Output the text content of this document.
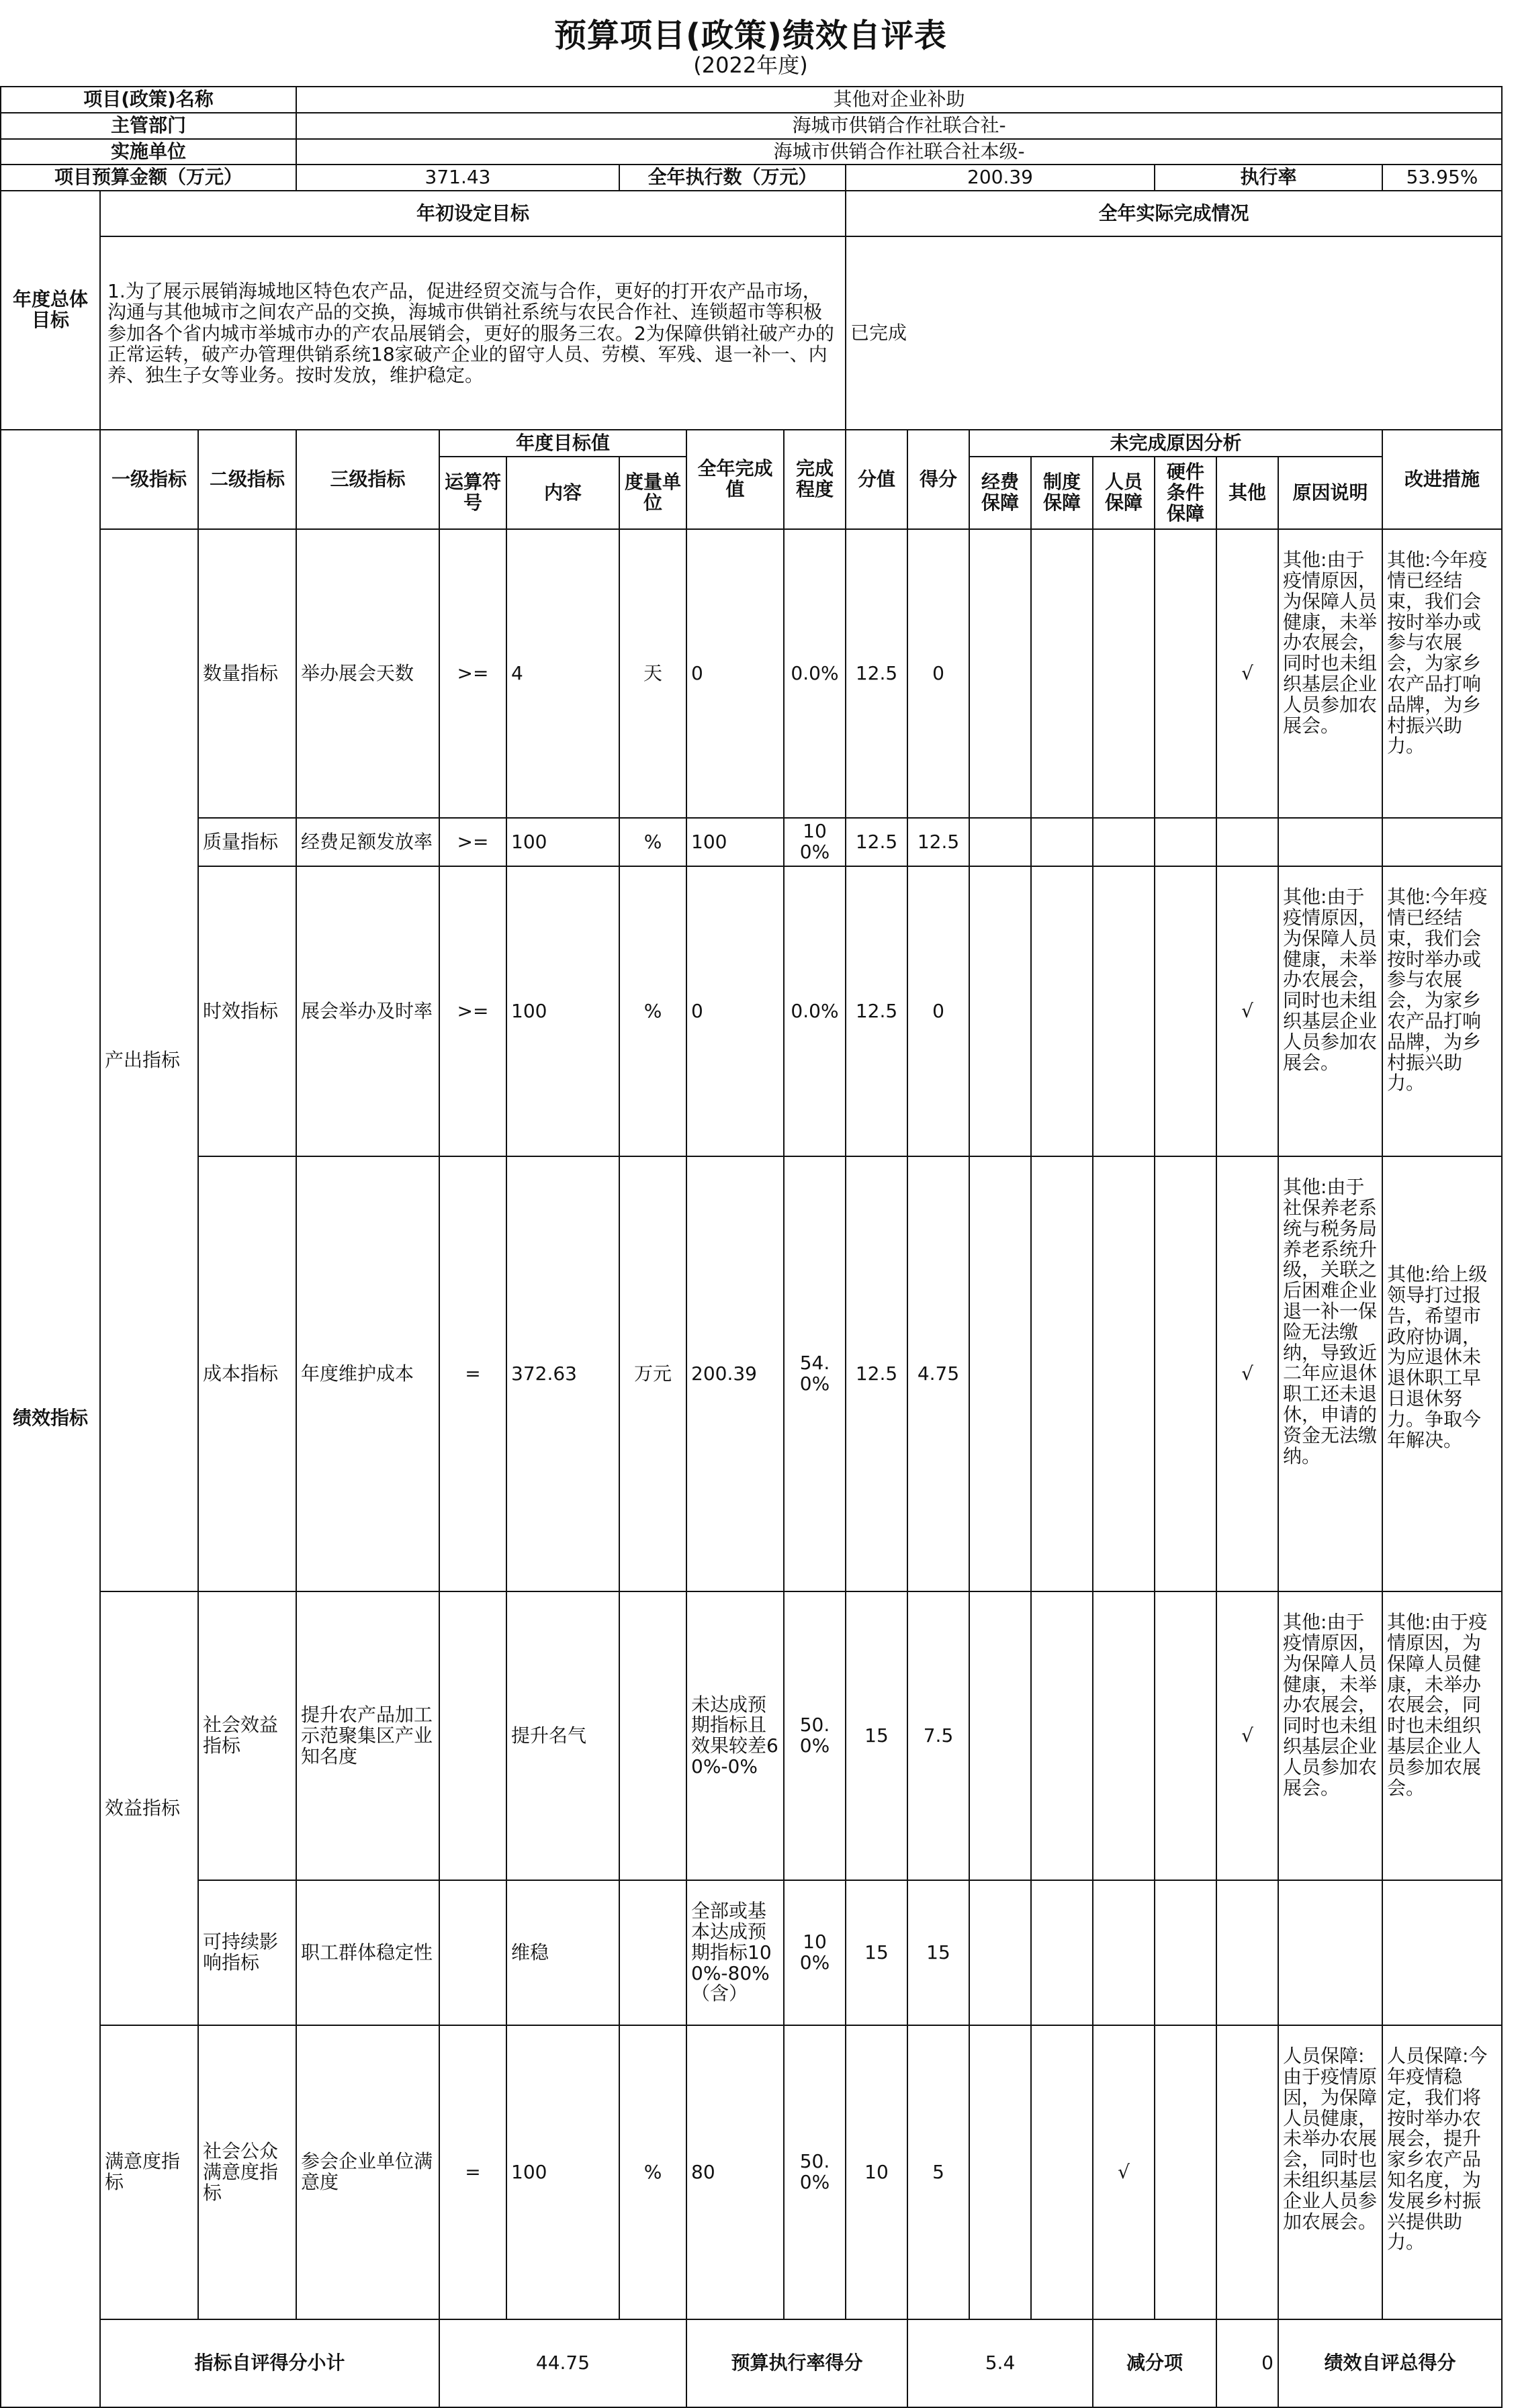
预算项目(政策)绩效自评表
(2022年度)
项目(政策)名称			其他对企业补助															
主管部门			海城市供销合作社联合社-															
实施单位			海城市供销合作社联合社本级-															
项目预算金额（万元）			371.43			全年执行数（万元）			200.39					执行率			53.95%	
年度总体目标	年初设定目标								全年实际完成情况									
	1.为了展示展销海城地区特色农产品，促进经贸交流与合作，更好的打开农产品市场，沟通与其他城市之间农产品的交换，海城市供销社系统与农民合作社、连锁超市等积极参加各个省内城市举城市办的产农品展销会，更好的服务三农。2为保障供销社破产办的正常运转，破产办管理供销系统18家破产企业的留守人员、劳模、军残、退一补一、内养、独生子女等业务。按时发放，维护稳定。								已完成									
绩效指标	一级指标	二级指标	三级指标	年度目标值			全年完成值	完成程度	分值	得分	未完成原因分析						改进措施	
				运算符号	内容	度量单位					经费保障	制度保障	人员保障	硬件条件保障	其他	原因说明		
	产出指标	数量指标	举办展会天数	>=	4	天	0	0.0%	12.5	0					√	其他:由于疫情原因，为保障人员健康，未举办农展会，同时也未组织基层企业人员参加农展会。	其他:今年疫情已经结束，我们会按时举办或参与农展会，为家乡农产品打响品牌，为乡村振兴助力。	
		质量指标	经费足额发放率	>=	100	%	100	100%	12.5	12.5								
		时效指标	展会举办及时率	>=	100	%	0	0.0%	12.5	0					√	其他:由于疫情原因，为保障人员健康，未举办农展会，同时也未组织基层企业人员参加农展会。	其他:今年疫情已经结束，我们会按时举办或参与农展会，为家乡农产品打响品牌，为乡村振兴助力。	
		成本指标	年度维护成本	=	372.63	万元	200.39	54.0%	12.5	4.75					√	其他:由于社保养老系统与税务局养老系统升级，关联之后困难企业退一补一保险无法缴纳，导致近二年应退休职工还未退休，申请的资金无法缴纳。	其他:给上级领导打过报告，希望市政府协调，为应退休未退休职工早日退休努力。争取今年解决。	
	效益指标	社会效益指标	提升农产品加工示范聚集区产业知名度		提升名气		未达成预期指标且效果较差60%-0%	50.0%	15	7.5					√	其他:由于疫情原因，为保障人员健康，未举办农展会，同时也未组织基层企业人员参加农展会。	其他:由于疫情原因，为保障人员健康，未举办农展会，同时也未组织基层企业人员参加农展会。	
		可持续影响指标	职工群体稳定性		维稳		全部或基本达成预期指标100%-80%（含）	100%	15	15								
	满意度指标	社会公众满意度指标	参会企业单位满意度	=	100	%	80	50.0%	10	5			√			人员保障:由于疫情原因，为保障人员健康，未举办农展会，同时也未组织基层企业人员参加农展会。	人员保障:今年疫情稳定，我们将按时举办农展会，提升家乡农产品知名度，为发展乡村振兴提供助力。	
	指标自评得分小计			44.75			预算执行率得分			5.4			减分项		0	绩效自评总得分	
